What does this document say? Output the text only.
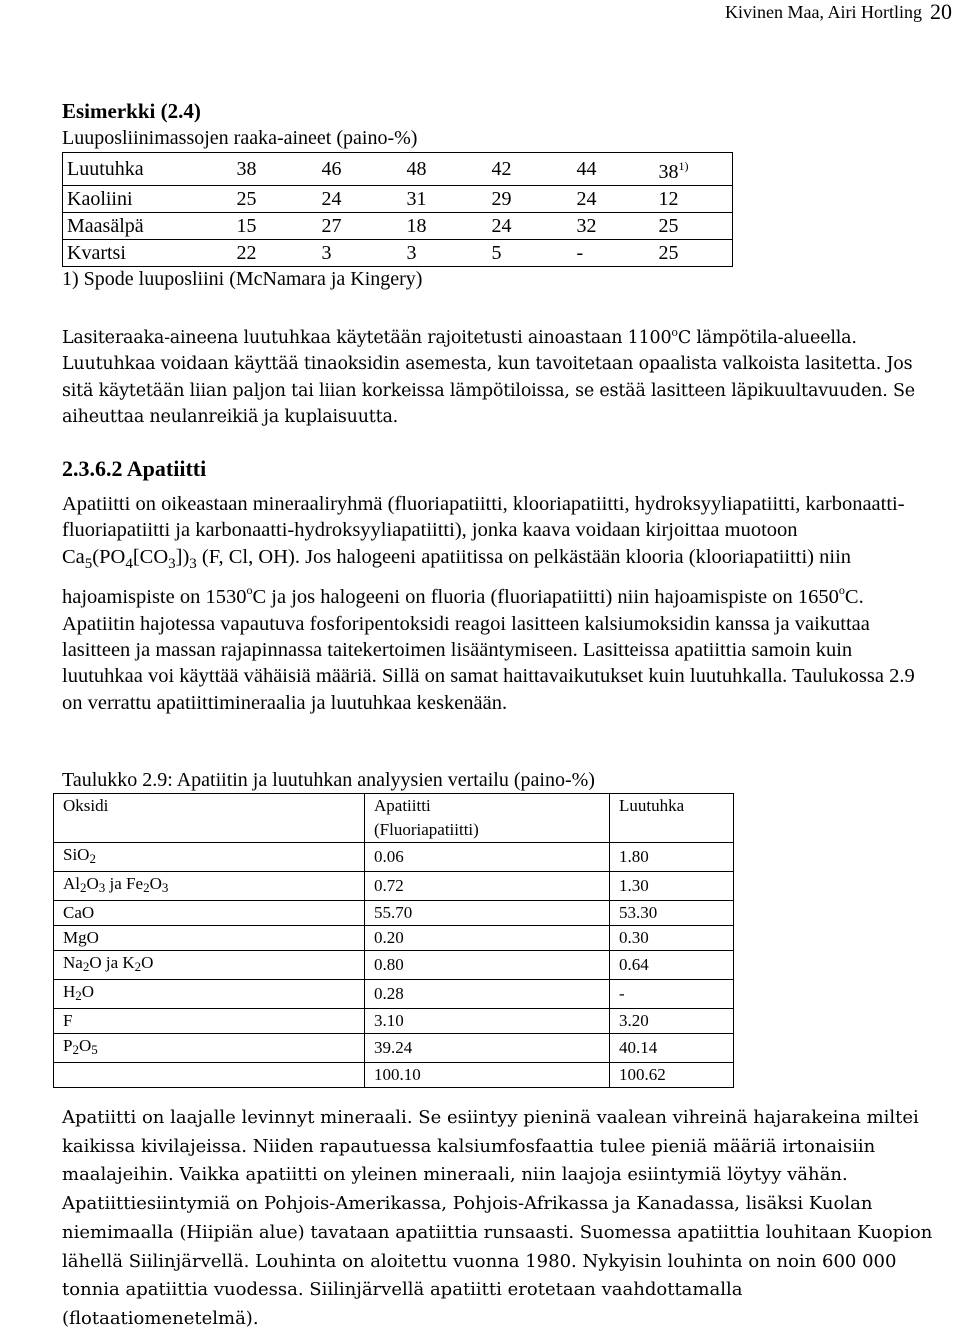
Kivinen Maa, Airi Hortling 20
Esimerkki (2.4)
Luuposliinimassojen raaka-aineet (paino-%)
Luutuhka	38	46	48	42	44	38$^{1)}$
Kaoliini	25	24	31	29	24	12
Maasälpä	15	27	18	24	32	25
Kvartsi	22	3	3	5	-	25
1) Spode luuposliini (McNamara ja Kingery)
Lasiteraaka-aineena luutuhkaa käytetään rajoitetusti ainoastaan 1100$^o$C lämpötila-alueella. Luutuhkaa voidaan käyttää tinaoksidin asemesta, kun tavoitetaan opaalista valkoista lasitetta. Jos sitä käytetään liian paljon tai liian korkeissa lämpötiloissa, se estää lasitteen läpikuultavuuden. Se aiheuttaa neulanreikiä ja kuplaisuutta.
2.3.6.2 Apatiitti
Apatiitti on oikeastaan mineraaliryhmä (fluoriapatiitti, klooriapatiitti, hydroksyyliapatiitti, karbonaatti-fluoriapatiitti ja karbonaatti-hydroksyyliapatiitti), jonka kaava voidaan kirjoittaa muotoon $Ca_5(PO_4[CO_3])_3$ (F, Cl, OH). Jos halogeeni apatiitissa on pelkästään klooria (klooriapatiitti) niin hajoamispiste on 1530$^o$C ja jos halogeeni on fluoria (fluoriapatiitti) niin hajoamispiste on 1650$^o$C. Apatiitin hajotessa vapautuva fosforipentoksidi reagoi lasitteen kalsiumoksidin kanssa ja vaikuttaa lasitteen ja massan rajapinnassa taitekertoimen lisääntymiseen. Lasitteissa apatiittia samoin kuin luutuhkaa voi käyttää vähäisiä määriä. Sillä on samat haittavaikutukset kuin luutuhkalla. Taulukossa 2.9 on verrattu apatiittimineraalia ja luutuhkaa keskenään.
Taulukko 2.9: Apatiitin ja luutuhkan analyysien vertailu (paino-%)
Oksidi	Apatiitti	Luutuhka
	(Fluoriapatiitti)	
SiO$_2$	0.06	1.80
$Al_2O_3$ ja $Fe_2O_3$	0.72	1.30
CaO	55.70	53.30
MgO	0.20	0.30
$Na_2O$ ja $K_2O$	0.80	0.64
$H_2O$	0.28	-
F	3.10	3.20
$P_2O_5$	39.24	40.14
	100.10	100.62
Apatiitti on laajalle levinnyt mineraali. Se esiintyy pieninä vaalean vihreinä hajarakeina miltei kaikissa kivilajeissa. Niiden rapautuessa kalsiumfosfaattia tulee pieniä määriä irtonaisiin maalajeihin. Vaikka apatiitti on yleinen mineraali, niin laajoja esiintymiä löytyy vähän. Apatiittiesiintymiä on Pohjois-Amerikassa, Pohjois-Afrikassa ja Kanadassa, lisäksi Kuolan niemimaalla (Hiipiän alue) tavataan apatiittia runsaasti. Suomessa apatiittia louhitaan Kuopion lähellä Siilinjärvellä. Louhinta on aloitettu vuonna 1980. Nykyisin louhinta on noin 600 000 tonnia apatiittia vuodessa. Siilinjärvellä apatiitti erotetaan vaahdottamalla (flotaatiomenetelmä).
